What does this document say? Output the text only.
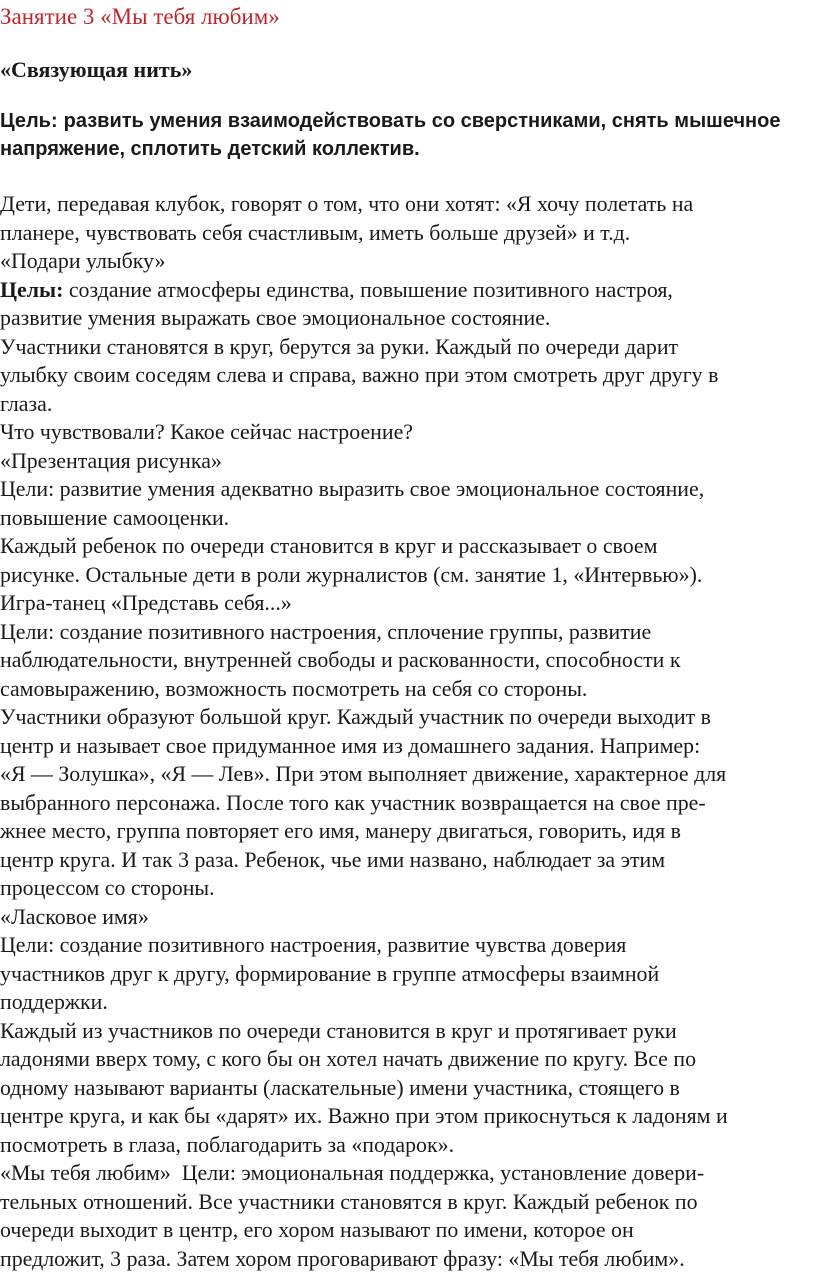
Занятие 3 «Мы тебя любим»
«Связующая нить»
Цель: развить умения взаимодействовать со сверстниками, снять мышечное напряжение, сплотить детский коллектив.
Дети, передавая клубок, говорят о том, что они хотят: «Я хочу полетать на
планере, чувствовать себя счастливым, иметь больше друзей» и т.д.
«Подари улыбку»
Целы: создание атмосферы единства, повышение позитивного настроя,
развитие умения выражать свое эмоциональное состояние.
Участники становятся в круг, берутся за руки. Каждый по очереди дарит
улыбку своим соседям слева и справа, важно при этом смотреть друг другу в
глаза.
Что чувствовали? Какое сейчас настроение?
«Презентация рисунка»
Цели: развитие умения адекватно выразить свое эмоциональное состояние,
повышение самооценки.
Каждый ребенок по очереди становится в круг и рассказывает о своем
рисунке. Остальные дети в роли журналистов (см. занятие 1, «Интервью»).
Игра-танец «Представь себя...»
Цели: создание позитивного настроения, сплочение группы, развитие
наблюдательности, внутренней свободы и раскованности, способности к
самовыражению, возможность посмотреть на себя со стороны.
Участники образуют большой круг. Каждый участник по очереди выходит в
центр и называет свое придуманное имя из домашнего задания. Например:
«Я — Золушка», «Я — Лев». При этом выполняет движение, характерное для
выбранного персонажа. После того как участник возвращается на свое пре-
жнее место, группа повторяет его имя, манеру двигаться, говорить, идя в
центр круга. И так 3 раза. Ребенок, чье ими названо, наблюдает за этим
процессом со стороны.
«Ласковое имя»
Цели: создание позитивного настроения, развитие чувства доверия
участников друг к другу, формирование в группе атмосферы взаимной
поддержки.
Каждый из участников по очереди становится в круг и протягивает руки
ладонями вверх тому, с кого бы он хотел начать движение по кругу. Все по
одному называют варианты (ласкательные) имени участника, стоящего в
центре круга, и как бы «дарят» их. Важно при этом прикоснуться к ладоням и
посмотреть в глаза, поблагодарить за «подарок».
«Мы тебя любим»  Цели: эмоциональная поддержка, установление довери-
тельных отношений. Все участники становятся в круг. Каждый ребенок по
очереди выходит в центр, его хором называют по имени, которое он
предложит, 3 раза. Затем хором проговаривают фразу: «Мы тебя любим».
